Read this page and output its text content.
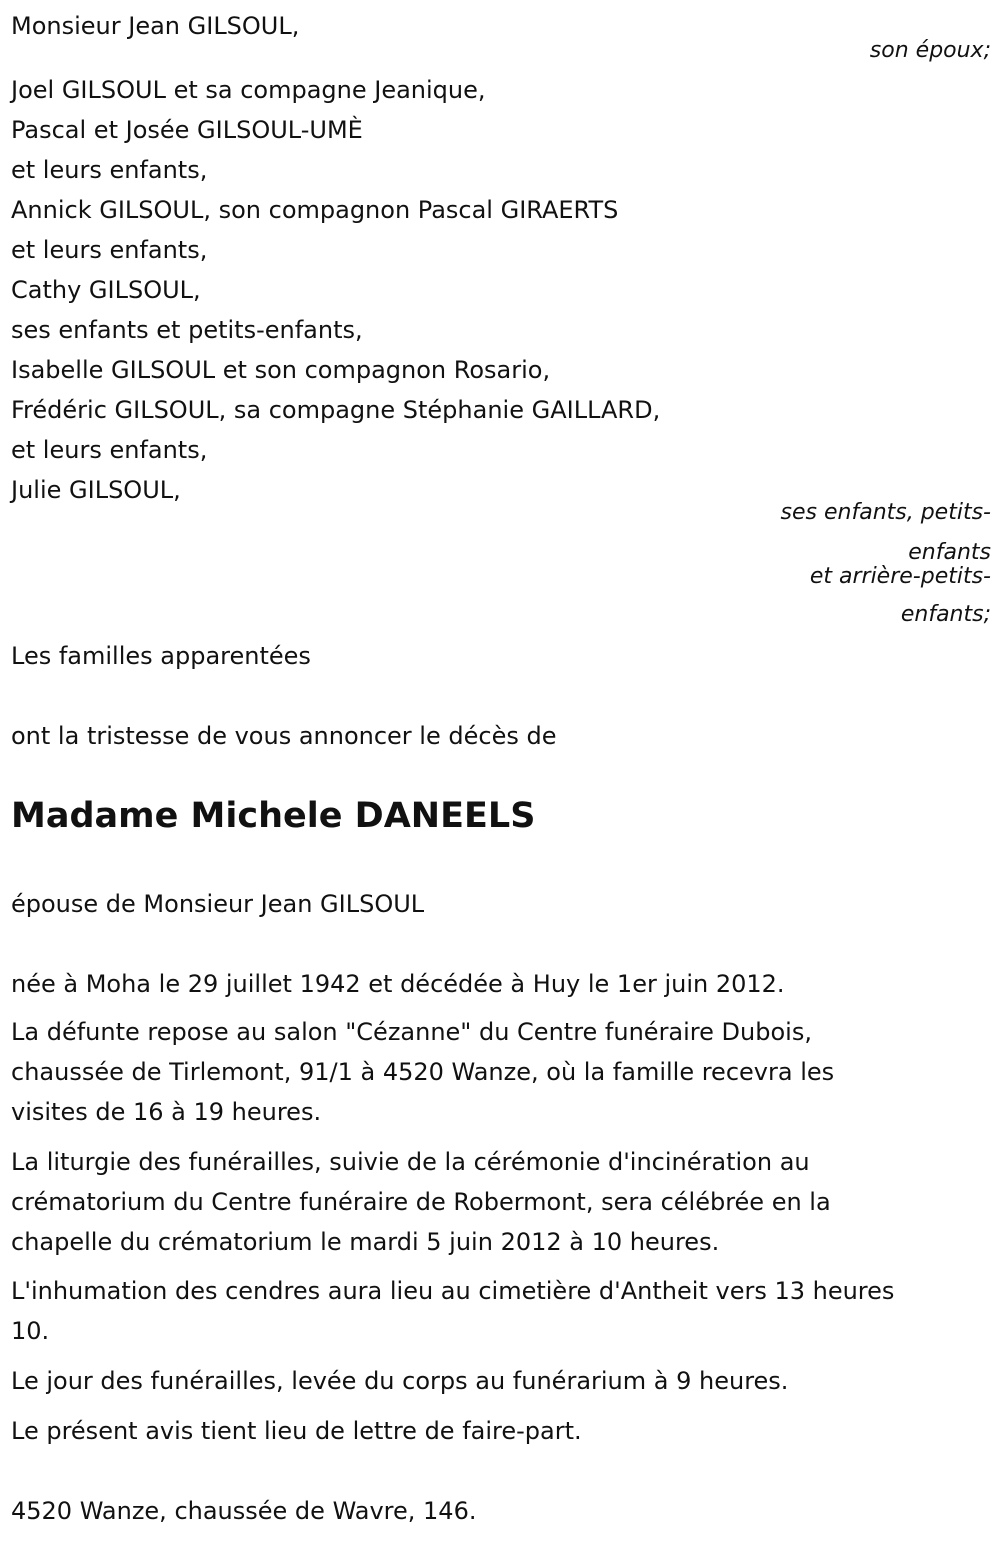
Monsieur Jean GILSOUL,
son époux;
Joel GILSOUL et sa compagne Jeanique,
Pascal et Josée GILSOUL-UMÈ
et leurs enfants,
Annick GILSOUL, son compagnon Pascal GIRAERTS
et leurs enfants,
Cathy GILSOUL,
ses enfants et petits-enfants,
Isabelle GILSOUL et son compagnon Rosario,
Frédéric GILSOUL, sa compagne Stéphanie GAILLARD,
et leurs enfants,
Julie GILSOUL,
ses enfants, petits-
enfants
et arrière-petits-
enfants;
Les familles apparentées
ont la tristesse de vous annoncer le décès de
Madame Michele DANEELS
épouse de Monsieur Jean GILSOUL
née à Moha le 29 juillet 1942 et décédée à Huy le 1er juin 2012.
La défunte repose au salon "Cézanne" du Centre funéraire Dubois,
chaussée de Tirlemont, 91/1 à 4520 Wanze, où la famille recevra les
visites de 16 à 19 heures.
La liturgie des funérailles, suivie de la cérémonie d'incinération au
crématorium du Centre funéraire de Robermont, sera célébrée en la
chapelle du crématorium le mardi 5 juin 2012 à 10 heures.
L'inhumation des cendres aura lieu au cimetière d'Antheit vers 13 heures
10.
Le jour des funérailles, levée du corps au funérarium à 9 heures.
Le présent avis tient lieu de lettre de faire-part.
4520 Wanze, chaussée de Wavre, 146.
